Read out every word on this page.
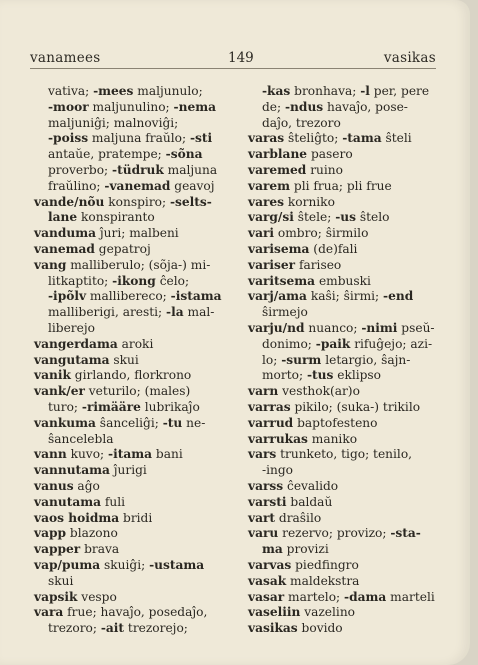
vanamees	149	vasikas

vativa; -mees maljunulo;

-moor maljunulino; -nema

maljuniĝi; malnoviĝi;

-poiss maljuna fraŭlo; -sti

antaŭe, pratempe; -sõna

proverbo; -tüdruk maljuna

fraŭlino; -vanemad geavoj

vande/nõu konspiro; -selts-

lane konspiranto

vanduma ĵuri; malbeni

vanemad gepatroj

vang malliberulo; (sõja-) mi-

litkaptito; -ikong ĉelo;

-ipõlv mallibereco; -istama

malliberigi, aresti; -la mal-

liberejo

vangerdama aroki

vangutama skui

vanik girlando, florkrono

vank/er veturilo; (males)

turo; -rimääre lubrikaĵo

vankuma ŝanceliĝi; -tu ne-

ŝancelebla

vann kuvo; -itama bani

vannutama ĵurigi

vanus aĝo

vanutama fuli

vaos hoidma bridi

vapp blazono

vapper brava

vap/puma skuiĝi; -ustama

skui

vapsik vespo

vara frue; havaĵo, posedaĵo,

trezoro; -ait trezorejo;

-kas bronhava; -l per, pere

de; -ndus havaĵo, pose-

daĵo, trezoro

varas ŝteliĝto; -tama ŝteli

varblane pasero

varemed ruino

varem pli frua; pli frue

vares korniko

varg/si ŝtele; -us ŝtelo

vari ombro; ŝirmilo

varisema (de)fali

variser fariseo

varitsema embuski

varj/ama kaŝi; ŝirmi; -end

ŝirmejo

varju/nd nuanco; -nimi pseŭ-

donimo; -paik rifuĝejo; azi-

lo; -surm letargio, ŝajn-

morto; -tus eklipso

varn vesthok(ar)o

varras pikilo; (suka-) trikilo

varrud baptofesteno

varrukas maniko

vars trunketo, tigo; tenilo,

-ingo

varss ĉevalido

varsti baldaŭ

vart draŝilo

varu rezervo; provizo; -sta-

ma provizi

varvas piedfingro

vasak maldekstra

vasar martelo; -dama marteli

vaseliin vazelino

vasikas bovido
